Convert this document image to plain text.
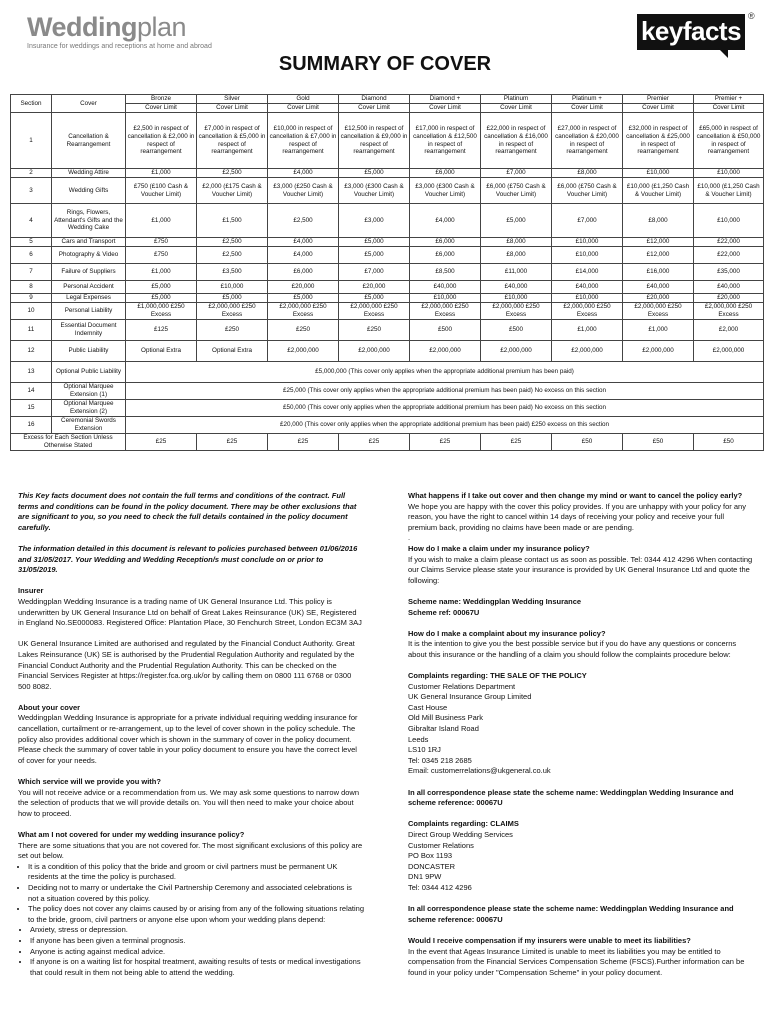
Weddingplan
Insurance for weddings and receptions at home and abroad
keyfacts ®
SUMMARY OF COVER
Section	Cover	Bronze	Silver	Gold	Diamond	Diamond +	Platinum	Platinum +	Premier	Premier +
		Cover Limit	Cover Limit	Cover Limit	Cover Limit	Cover Limit	Cover Limit	Cover Limit	Cover Limit	Cover Limit
1	Cancellation & Rearrangement	£2,500 in respect of cancellation & £2,000 in respect of rearrangement	£7,000 in respect of cancellation & £5,000 in respect of rearrangement	£10,000 in respect of cancellation & £7,000 in respect of rearrangement	£12,500 in respect of cancellation & £9,000 in respect of rearrangement	£17,000 in respect of cancellation & £12,500 in respect of rearrangement	£22,000 in respect of cancellation & £16,000 in respect of rearrangement	£27,000 in respect of cancellation & £20,000 in respect of rearrangement	£32,000 in respect of cancellation & £25,000 in respect of rearrangement	£65,000 in respect of cancellation & £50,000 in respect of rearrangement
2	Wedding Attire	£1,000	£2,500	£4,000	£5,000	£6,000	£7,000	£8,000	£10,000	£10,000
3	Wedding Gifts	£750 (£100 Cash & Voucher Limit)	£2,000 (£175 Cash & Voucher Limit)	£3,000 (£250 Cash & Voucher Limit)	£3,000 (£300 Cash & Voucher Limit)	£3,000 (£300 Cash & Voucher Limit)	£6,000 (£750 Cash & Voucher Limit)	£6,000 (£750 Cash & Voucher Limit)	£10,000 (£1,250 Cash & Voucher Limit)	£10,000 (£1,250 Cash & Voucher Limit)
4	Rings, Flowers, Attendant's Gifts and the Wedding Cake	£1,000	£1,500	£2,500	£3,000	£4,000	£5,000	£7,000	£8,000	£10,000
5	Cars and Transport	£750	£2,500	£4,000	£5,000	£6,000	£8,000	£10,000	£12,000	£22,000
6	Photography & Video	£750	£2,500	£4,000	£5,000	£6,000	£8,000	£10,000	£12,000	£22,000
7	Failure of Suppliers	£1,000	£3,500	£6,000	£7,000	£8,500	£11,000	£14,000	£16,000	£35,000
8	Personal Accident	£5,000	£10,000	£20,000	£20,000	£40,000	£40,000	£40,000	£40,000	£40,000
9	Legal Expenses	£5,000	£5,000	£5,000	£5,000	£10,000	£10,000	£10,000	£20,000	£20,000
10	Personal Liability	£1,000,000 £250 Excess	£2,000,000 £250 Excess	£2,000,000 £250 Excess	£2,000,000 £250 Excess	£2,000,000 £250 Excess	£2,000,000 £250 Excess	£2,000,000 £250 Excess	£2,000,000 £250 Excess	£2,000,000 £250 Excess
11	Essential Document Indemnity	£125	£250	£250	£250	£500	£500	£1,000	£1,000	£2,000
12	Public Liability	Optional Extra	Optional Extra	£2,000,000	£2,000,000	£2,000,000	£2,000,000	£2,000,000	£2,000,000	£2,000,000
13	Optional Public Liability	£5,000,000 (This cover only applies when the appropriate additional premium has been paid)								
14	Optional Marquee Extension (1)	£25,000 (This cover only applies when the appropriate additional premium has been paid) No excess on this section								
15	Optional Marquee Extension (2)	£50,000 (This cover only applies when the appropriate additional premium has been paid) No excess on this section								
16	Ceremonial Swords Extension	£20,000 (This cover only applies when the appropriate additional premium has been paid) £250 excess on this section								
Excess for Each Section Unless Otherwise Stated		£25	£25	£25	£25	£25	£25	£50	£50	£50

This Key facts document does not contain the full terms and conditions of the contract. Full terms and conditions can be found in the policy document. There may be other exclusions that are significant to you, so you need to check the full details contained in the policy document carefully.

The information detailed in this document is relevant to policies purchased between 01/06/2016 and 31/05/2017. Your Wedding and Wedding Reception/s must conclude on or prior to 31/05/2019.

Insurer

Weddingplan Wedding Insurance is a trading name of UK General Insurance Ltd. This policy is underwritten by UK General Insurance Ltd on behalf of Great Lakes Reinsurance (UK) SE, Registered in England No.SE000083. Registered Office: Plantation Place, 30 Fenchurch Street, London EC3M 3AJ

UK General Insurance Limited are authorised and regulated by the Financial Conduct Authority. Great Lakes Reinsurance (UK) SE is authorised by the Prudential Regulation Authority and regulated by the Financial Conduct Authority and the Prudential Regulation Authority. This can be checked on the Financial Services Register at https://register.fca.org.uk/or by calling them on 0800 111 6768 or 0300 500 8082.

About your cover

Weddingplan Wedding Insurance is appropriate for a private individual requiring wedding insurance for cancellation, curtailment or re-arrangement, up to the level of cover shown in the policy schedule. The policy also provides additional cover which is shown in the summary of cover in the policy document. Please check the summary of cover table in your policy document to ensure you have the correct level of cover for your needs.

Which service will we provide you with?

You will not receive advice or a recommendation from us. We may ask some questions to narrow down the selection of products that we will provide details on. You will then need to make your choice about how to proceed.

What am I not covered for under my wedding insurance policy?
There are some situations that you are not covered for. The most significant exclusions of this policy are set out below.
• It is a condition of this policy that the bride and groom or civil partners must be permanent UK residents at the time the policy is purchased.
• Deciding not to marry or undertake the Civil Partnership Ceremony and associated celebrations is not a situation covered by this policy.
• The policy does not cover any claims caused by or arising from any of the following situations relating to the bride, groom, civil partners or anyone else upon whom your wedding plans depend:
• Anxiety, stress or depression.
• If anyone has been given a terminal prognosis.
• Anyone is acting against medical advice.
• If anyone is on a waiting list for hospital treatment, awaiting results of tests or medical investigations that could result in them not being able to attend the wedding.
What happens if I take out cover and then change my mind or want to cancel the policy early?
We hope you are happy with the cover this policy provides. If you are unhappy with your policy for any reason, you have the right to cancel within 14 days of receiving your policy and receive your full premium back, providing no claims have been made or are pending.
.
How do I make a claim under my insurance policy?

If you wish to make a claim please contact us as soon as possible. Tel: 0344 412 4296 When contacting our Claims Service please state your insurance is provided by UK General Insurance Ltd and quote the following:

Scheme name: Weddingplan Wedding Insurance

Scheme ref: 00067U

How do I make a complaint about my insurance policy?

It is the intention to give you the best possible service but if you do have any questions or concerns about this insurance or the handling of a claim you should follow the complaints procedure below:

Complaints regarding: THE SALE OF THE POLICY

Customer Relations Department
UK General Insurance Group Limited
Cast House
Old Mill Business Park
Gibraltar Island Road
Leeds
LS10 1RJ
Tel: 0345 218 2685
Email: customerrelations@ukgeneral.co.uk

In all correspondence please state the scheme name: Weddingplan Wedding Insurance and scheme reference: 00067U

Complaints regarding: CLAIMS

Direct Group Wedding Services
Customer Relations
PO Box 1193
DONCASTER
DN1 9PW
Tel: 0344 412 4296

In all correspondence please state the scheme name: Weddingplan Wedding Insurance and scheme reference: 00067U

Would I receive compensation if my insurers were unable to meet its liabilities?
In the event that Ageas Insurance Limited is unable to meet its liabilities you may be entitled to compensation from the Financial Services Compensation Scheme (FSCS).Further information can be found in your policy under "Compensation Scheme" in your policy document.
